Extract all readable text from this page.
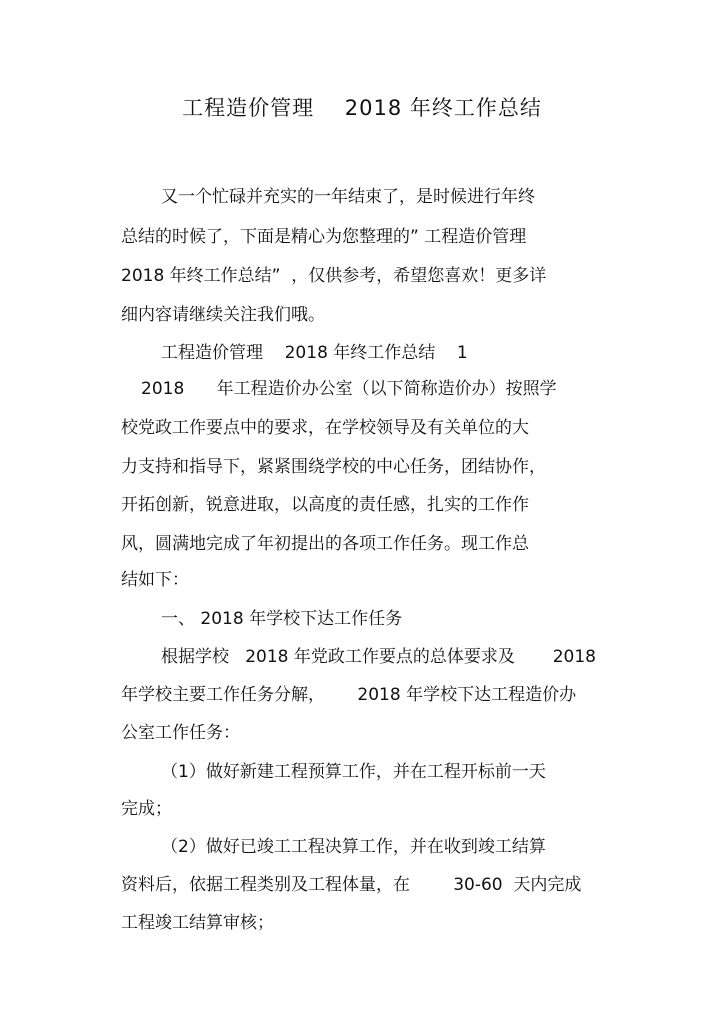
工程造价管理    2018 年终工作总结
又一个忙碌并充实的一年结束了，是时候进行年终
总结的时候了，下面是精心为您整理的” 工程造价管理
2018 年终工作总结”  ，仅供参考，希望您喜欢！更多详
细内容请继续关注我们哦。
工程造价管理    2018 年终工作总结    1
2018      年工程造价办公室（以下简称造价办）按照学
校党政工作要点中的要求，在学校领导及有关单位的大
力支持和指导下，紧紧围绕学校的中心任务，团结协作，
开拓创新，锐意进取，以高度的责任感，扎实的工作作
风，圆满地完成了年初提出的各项工作任务。现工作总
结如下：
一、 2018 年学校下达工作任务
根据学校   2018 年党政工作要点的总体要求及       2018
年学校主要工作任务分解，      2018 年学校下达工程造价办
公室工作任务：
（1）做好新建工程预算工作，并在工程开标前一天
完成；
（2）做好已竣工工程决算工作，并在收到竣工结算
资料后，依据工程类别及工程体量，在        30-60  天内完成
工程竣工结算审核；
